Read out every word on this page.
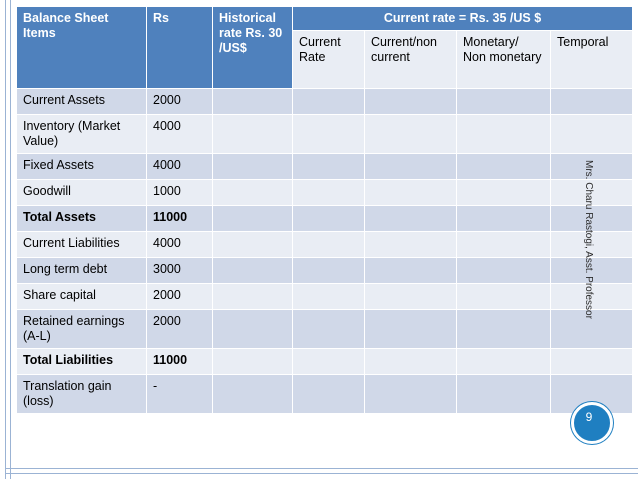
Balance Sheet Items	Rs	Historical rate Rs. 30 /US$	Current rate = Rs. 35 /US $			
			Current Rate	Current/non current	Monetary/ Non monetary	Temporal
Current Assets	2000					
Inventory (Market Value)	4000					
Fixed Assets	4000					
Goodwill	1000					
Total Assets	11000					
Current Liabilities	4000					
Long term debt	3000					
Share capital	2000					
Retained earnings (A-L)	2000					
Total Liabilities	11000					
Translation gain (loss)	-					
Mrs. Charu Rastogi, Asst. Professor
9
